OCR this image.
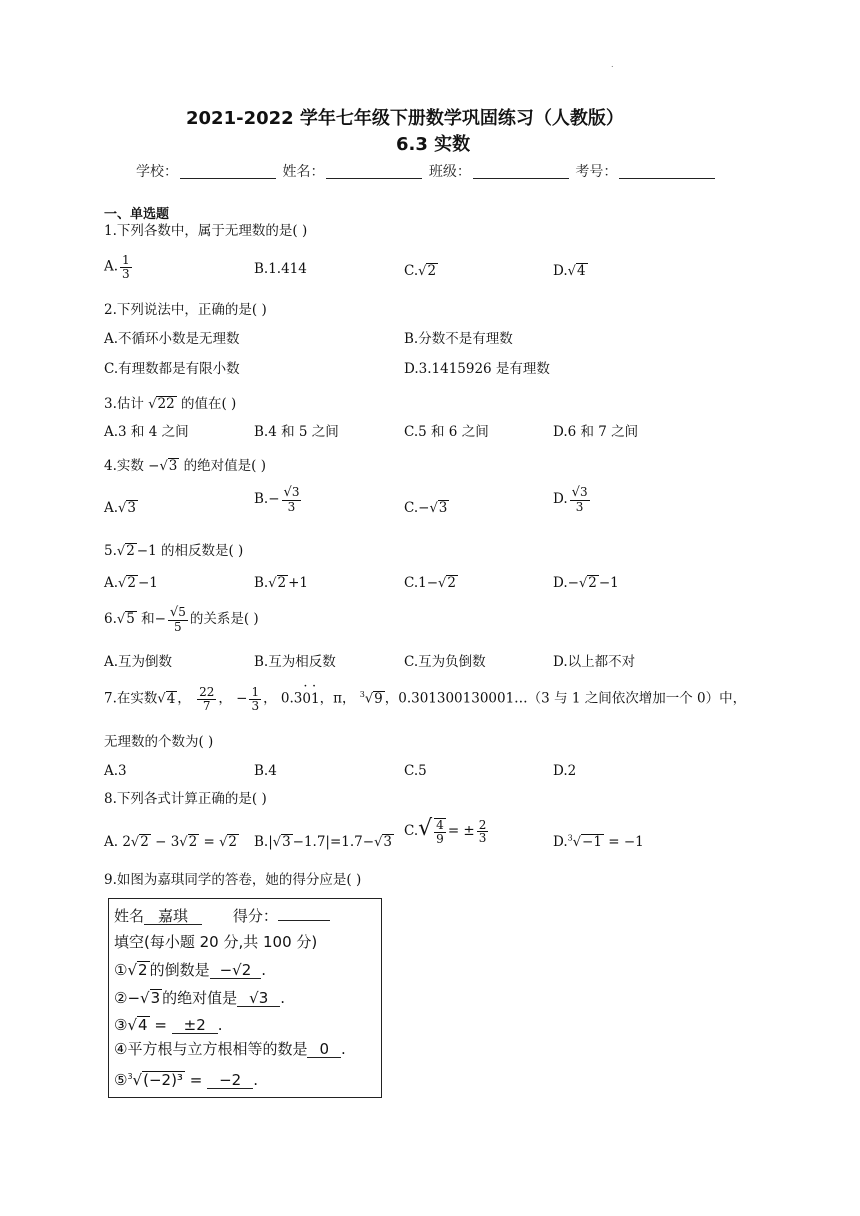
.
2021-2022 学年七年级下册数学巩固练习（人教版）
6.3 实数
学校：	姓名：	班级：	考号：
一、单选题
1.下列各数中，属于无理数的是( )
A. $\frac{1}{3}$	B.1.414	C.√2	D.√4
2.下列说法中，正确的是( )
A.不循环小数是无理数	B.分数不是有理数
C.有理数都是有限小数	D.3.1415926 是有理数
3.估计 √22 的值在( )
A.3 和 4 之间	B.4 和 5 之间	C.5 和 6 之间	D.6 和 7 之间
4.实数 −√3 的绝对值是( )
A.√3
$B.- \frac{√3}{3}$	C.−√3
D. $\frac{√3}{3}$
5.√2 −1 的相反数是( )
A.√2 −1	B.√2 +1	C.1−√2	D.−√2 −1
6.√5 和− $\frac{√5}{5}$ 的关系是( )
A.互为倒数	B.互为相反数	C.互为负倒数	D.以上都不对
7.在实数√4 ， $\frac{22}{7}$ ， − $\frac{1}{3}$ ， 0.30 ·1 ·，π， $^3$√9 ，0.301300130001…（3 与 1 之间依次增加一个 0）中，
无理数的个数为( )
A.3	B.4	C.5	D.2
8.下列各式计算正确的是( )
A. 2√2 − 3√2 = √2 B.|√3 −1.7|=1.7−√3
$C.√ \frac{4}{9}$ = ± $\frac{2}{3}$	D.$^3$√−1 = −1
9.如图为嘉琪同学的答卷，她的得分应是( )
姓名 嘉琪	得分：
填空(每小题 20 分,共 100 分)
①√2 的倒数是 −√2 .
②−√3 的绝对值是 √3 .
③√4 = ±2 .
④平方根与立方根相等的数是 0 .
⑤$^3$√(−2)³ = −2 .
